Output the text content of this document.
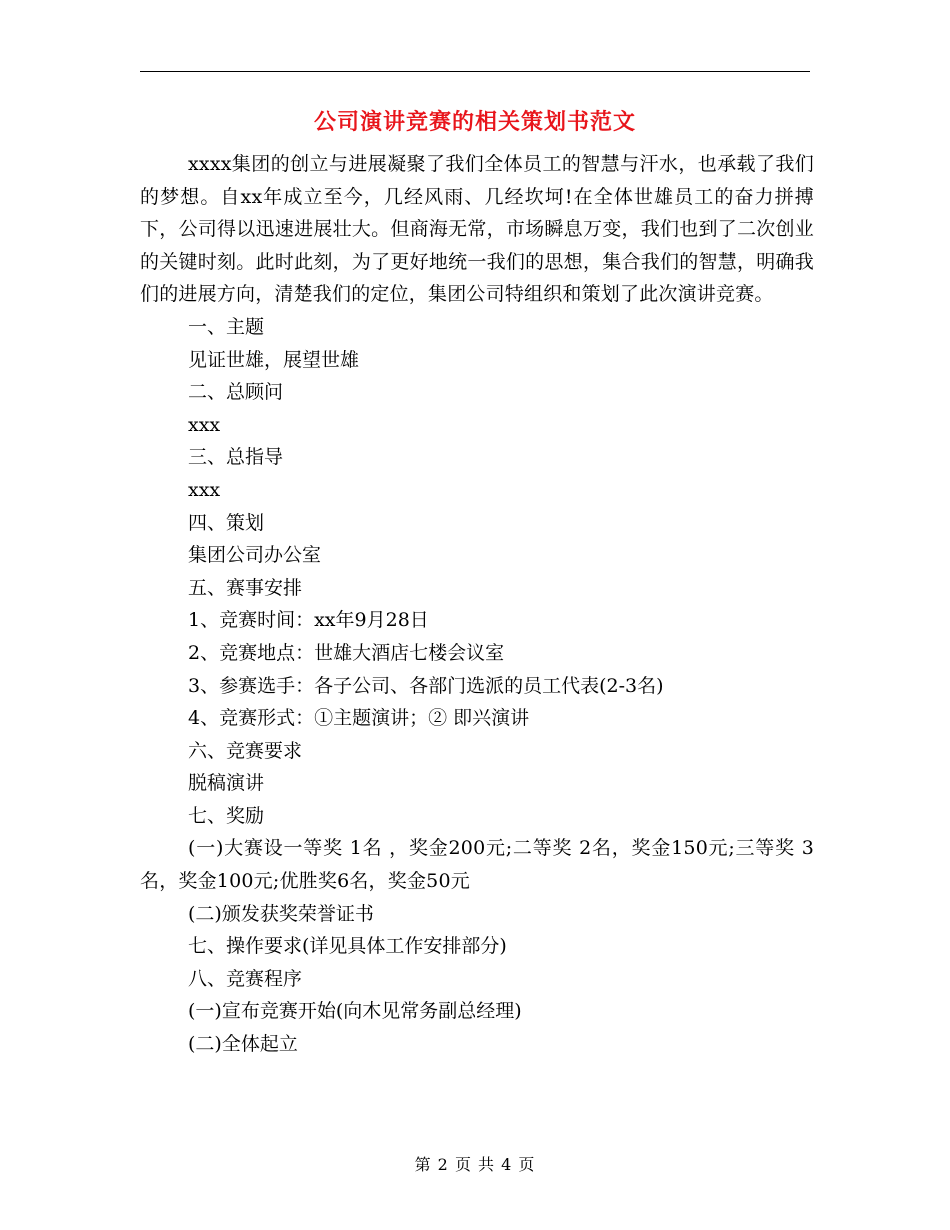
公司演讲竞赛的相关策划书范文

xxxx集团的创立与进展凝聚了我们全体员工的智慧与汗水，也承载了我们的梦想。自xx年成立至今，几经风雨、几经坎坷!在全体世雄员工的奋力拼搏下，公司得以迅速进展壮大。但商海无常，市场瞬息万变，我们也到了二次创业的关键时刻。此时此刻，为了更好地统一我们的思想，集合我们的智慧，明确我们的进展方向，清楚我们的定位，集团公司特组织和策划了此次演讲竞赛。

一、主题

见证世雄，展望世雄

二、总顾问

xxx

三、总指导

xxx

四、策划

集团公司办公室

五、赛事安排

1、竞赛时间：xx年9月28日

2、竞赛地点：世雄大酒店七楼会议室

3、参赛选手：各子公司、各部门选派的员工代表(2-3名)

4、竞赛形式：①主题演讲；② 即兴演讲

六、竞赛要求

脱稿演讲

七、奖励

(一)大赛设一等奖 1名 ，奖金200元;二等奖 2名，奖金150元;三等奖 3名，奖金100元;优胜奖6名，奖金50元

(二)颁发获奖荣誉证书

七、操作要求(详见具体工作安排部分)

八、竞赛程序

(一)宣布竞赛开始(向木见常务副总经理)

(二)全体起立

第 2 页 共 4 页
